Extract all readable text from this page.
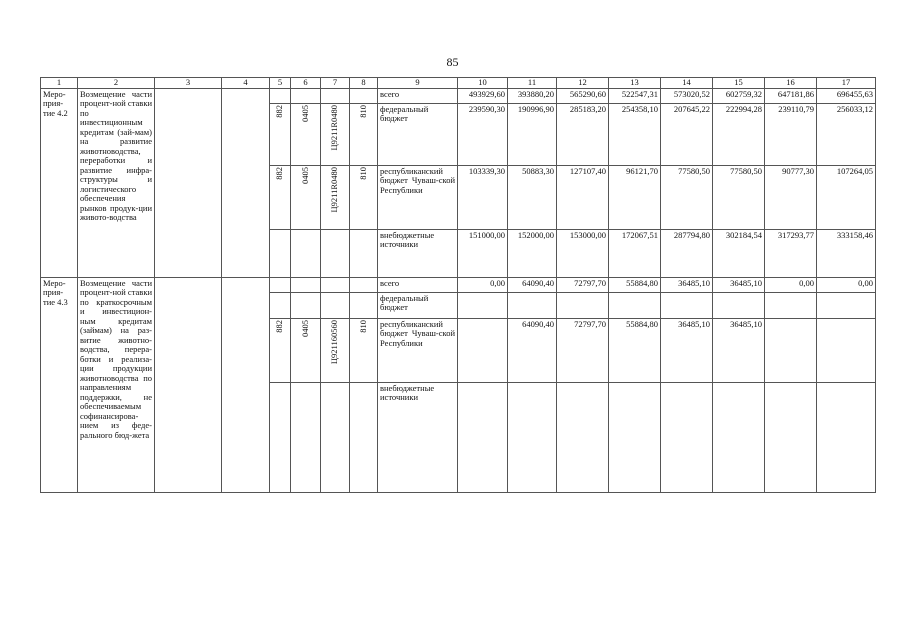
85
1	2	3	4	5	6	7	8	9	10	11	12	13	14	15	16	17
Меро-прия-тие 4.2	Возмещение части процент-ной ставки по инвестиционным кредитам (зай-мам) на развитие животноводства, переработки и развитие инфра-структуры и логистического обеспечения рынков продук-ции живото-водства							всего	493929,60	393880,20	565290,60	522547,31	573020,52	602759,32	647181,86	696455,63
				882	0405	Ц9211R0480	810	федеральный бюджет	239590,30	190996,90	285183,20	254358,10	207645,22	222994,28	239110,79	256033,12
				882	0405	Ц9211R0480	810	республиканский бюджет Чуваш-ской Республики	103339,30	50883,30	127107,40	96121,70	77580,50	77580,50	90777,30	107264,05
								внебюджетные источники	151000,00	152000,00	153000,00	172067,51	287794,80	302184,54	317293,77	333158,46
Меро-прия-тие 4.3	Возмещение части процент-ной ставки по краткосрочным и инвестицион-ным кредитам (займам) на раз-витие животно-водства, перера-ботки и реализа-ции продукции животноводства по направлениям поддержки, не обеспечиваемым софинансирова-нием из феде-рального бюд-жета							всего	0,00	64090,40	72797,70	55884,80	36485,10	36485,10	0,00	0,00
								федеральный бюджет								
				882	0405	Ц921160560	810	республиканский бюджет Чуваш-ской Республики		64090,40	72797,70	55884,80	36485,10	36485,10		
								внебюджетные источники								
